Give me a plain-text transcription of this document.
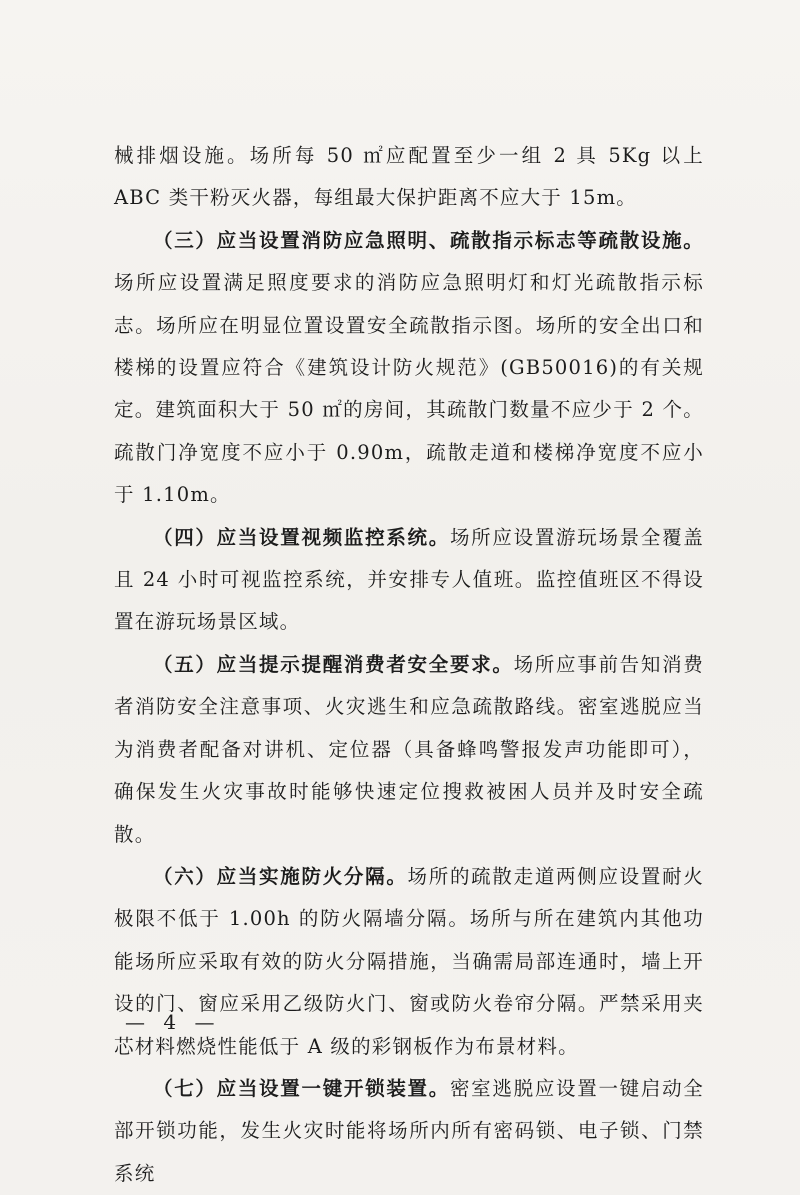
械排烟设施。场所每 50 ㎡应配置至少一组 2 具 5Kg 以上 ABC 类干粉灭火器，每组最大保护距离不应大于 15m。

（三）应当设置消防应急照明、疏散指示标志等疏散设施。场所应设置满足照度要求的消防应急照明灯和灯光疏散指示标志。场所应在明显位置设置安全疏散指示图。场所的安全出口和楼梯的设置应符合《建筑设计防火规范》(GB50016)的有关规定。建筑面积大于 50 ㎡的房间，其疏散门数量不应少于 2 个。疏散门净宽度不应小于 0.90m，疏散走道和楼梯净宽度不应小于 1.10m。

（四）应当设置视频监控系统。场所应设置游玩场景全覆盖且 24 小时可视监控系统，并安排专人值班。监控值班区不得设置在游玩场景区域。

（五）应当提示提醒消费者安全要求。场所应事前告知消费者消防安全注意事项、火灾逃生和应急疏散路线。密室逃脱应当为消费者配备对讲机、定位器（具备蜂鸣警报发声功能即可），确保发生火灾事故时能够快速定位搜救被困人员并及时安全疏散。

（六）应当实施防火分隔。场所的疏散走道两侧应设置耐火极限不低于 1.00h 的防火隔墙分隔。场所与所在建筑内其他功能场所应采取有效的防火分隔措施，当确需局部连通时，墙上开设的门、窗应采用乙级防火门、窗或防火卷帘分隔。严禁采用夹芯材料燃烧性能低于 A 级的彩钢板作为布景材料。

（七）应当设置一键开锁装置。密室逃脱应设置一键启动全部开锁功能，发生火灾时能将场所内所有密码锁、电子锁、门禁系统

— 4 —
